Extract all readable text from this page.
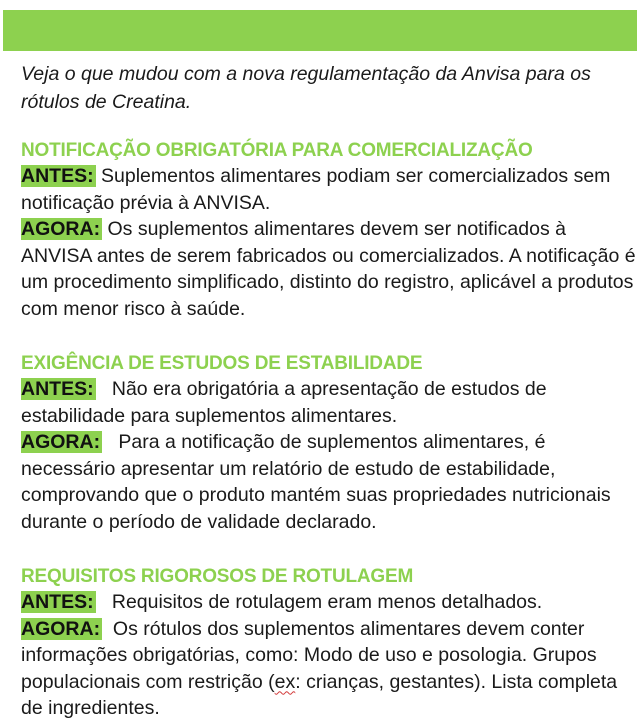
Veja o que mudou com a nova regulamentação da Anvisa para os rótulos de Creatina.

NOTIFICAÇÃO OBRIGATÓRIA PARA COMERCIALIZAÇÃO

ANTES: Suplementos alimentares podiam ser comercializados sem notificação prévia à ANVISA.

AGORA: Os suplementos alimentares devem ser notificados à ANVISA antes de serem fabricados ou comercializados. A notificação é um procedimento simplificado, distinto do registro, aplicável a produtos com menor risco à saúde.

EXIGÊNCIA DE ESTUDOS DE ESTABILIDADE

ANTES: Não era obrigatória a apresentação de estudos de estabilidade para suplementos alimentares.

AGORA: Para a notificação de suplementos alimentares, é necessário apresentar um relatório de estudo de estabilidade, comprovando que o produto mantém suas propriedades nutricionais durante o período de validade declarado.

REQUISITOS RIGOROSOS DE ROTULAGEM

ANTES: Requisitos de rotulagem eram menos detalhados.

AGORA: Os rótulos dos suplementos alimentares devem conter informações obrigatórias, como: Modo de uso e posologia. Grupos populacionais com restrição (ex: crianças, gestantes). Lista completa de ingredientes.
